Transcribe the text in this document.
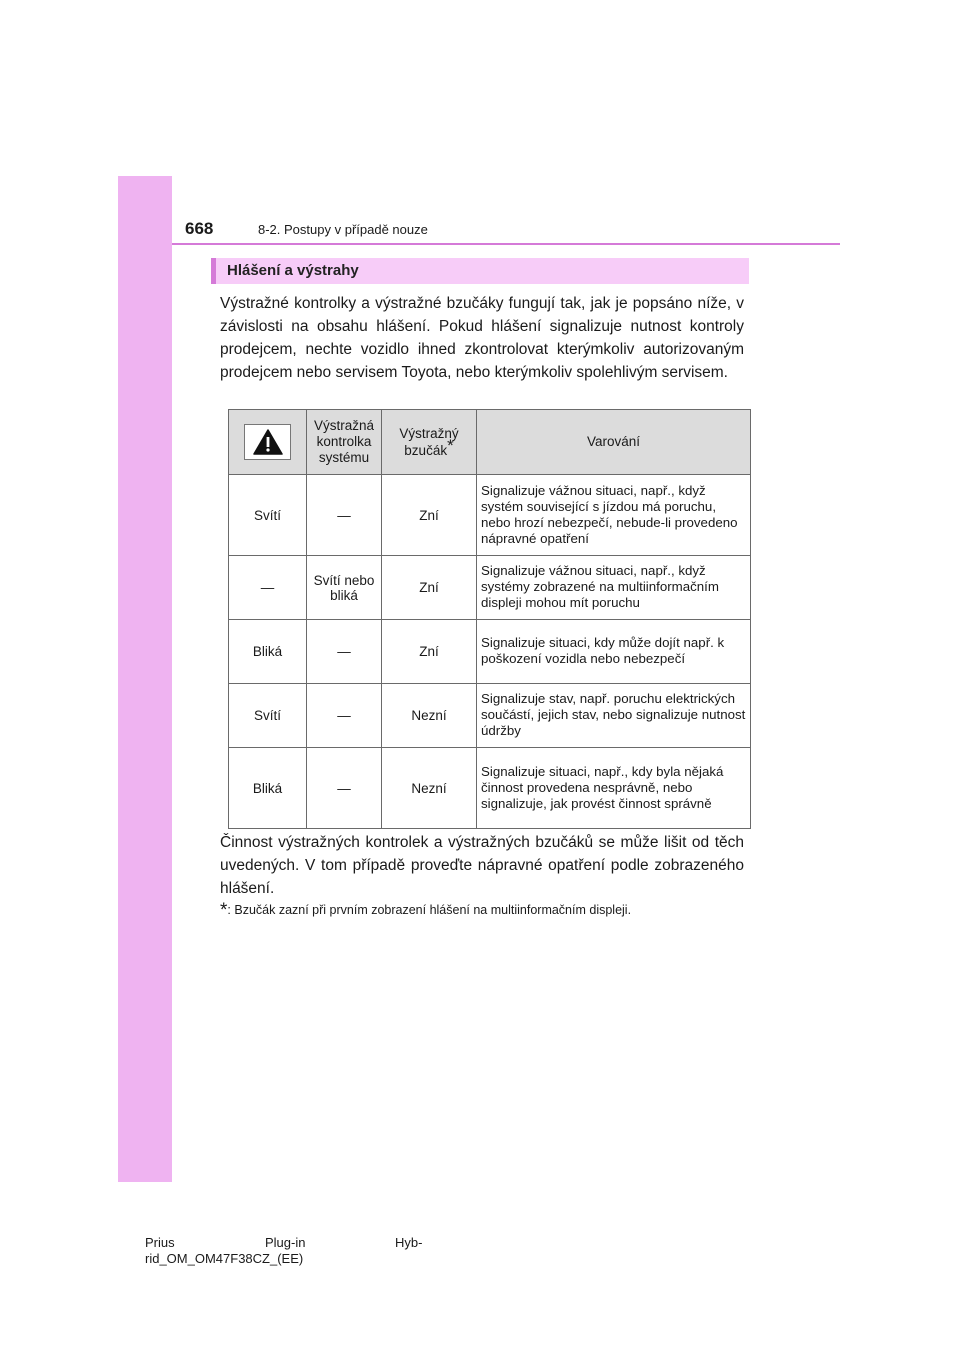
668	8-2. Postupy v případě nouze
Hlášení a výstrahy
Výstražné kontrolky a výstražné bzučáky fungují tak, jak je popsáno níže, v závislosti na obsahu hlášení. Pokud hlášení signalizuje nutnost kontroly prodejcem, nechte vozidlo ihned zkontrolovat kterýmkoliv autorizovaným prodejcem nebo servisem Toyota, nebo kterýmkoliv spolehlivým servisem.
	Výstražná kontrolka systému	Výstražný bzučák*	Varování
Svítí	—	Zní	Signalizuje vážnou situaci, např., když systém související s jízdou má poruchu, nebo hrozí nebezpečí, nebude-li provedeno nápravné opatření
—	Svítí nebo bliká	Zní	Signalizuje vážnou situaci, např., když systémy zobrazené na multiinformačním displeji mohou mít poruchu
Bliká	—	Zní	Signalizuje situaci, kdy může dojít např. k poškození vozidla nebo nebezpečí
Svítí	—	Nezní	Signalizuje stav, např. poruchu elektrických součástí, jejich stav, nebo signalizuje nutnost údržby
Bliká	—	Nezní	Signalizuje situaci, např., kdy byla nějaká činnost provedena nesprávně, nebo signalizuje, jak provést činnost správně
Činnost výstražných kontrolek a výstražných bzučáků se může lišit od těch uvedených. V tom případě proveďte nápravné opatření podle zobrazeného hlášení.
*: Bzučák zazní při prvním zobrazení hlášení na multiinformačním displeji.
Prius	Plug-in	Hyb-
rid_OM_OM47F38CZ_(EE)
